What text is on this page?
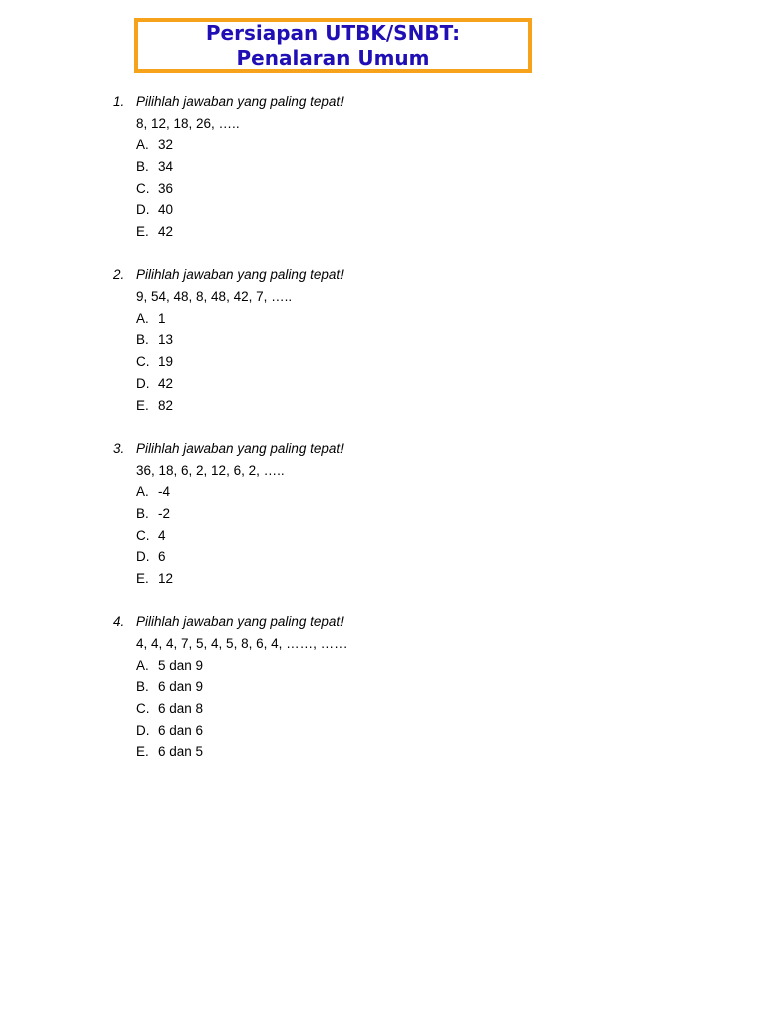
Persiapan UTBK/SNBT: Penalaran Umum
1. Pilihlah jawaban yang paling tepat!
8, 12, 18, 26, …..
A. 32
B. 34
C. 36
D. 40
E. 42
2. Pilihlah jawaban yang paling tepat!
9, 54, 48, 8, 48, 42, 7, …..
A. 1
B. 13
C. 19
D. 42
E. 82
3. Pilihlah jawaban yang paling tepat!
36, 18, 6, 2, 12, 6, 2, …..
A. -4
B. -2
C. 4
D. 6
E. 12
4. Pilihlah jawaban yang paling tepat!
4, 4, 4, 7, 5, 4, 5, 8, 6, 4, ……, ……
A. 5 dan 9
B. 6 dan 9
C. 6 dan 8
D. 6 dan 6
E. 6 dan 5
